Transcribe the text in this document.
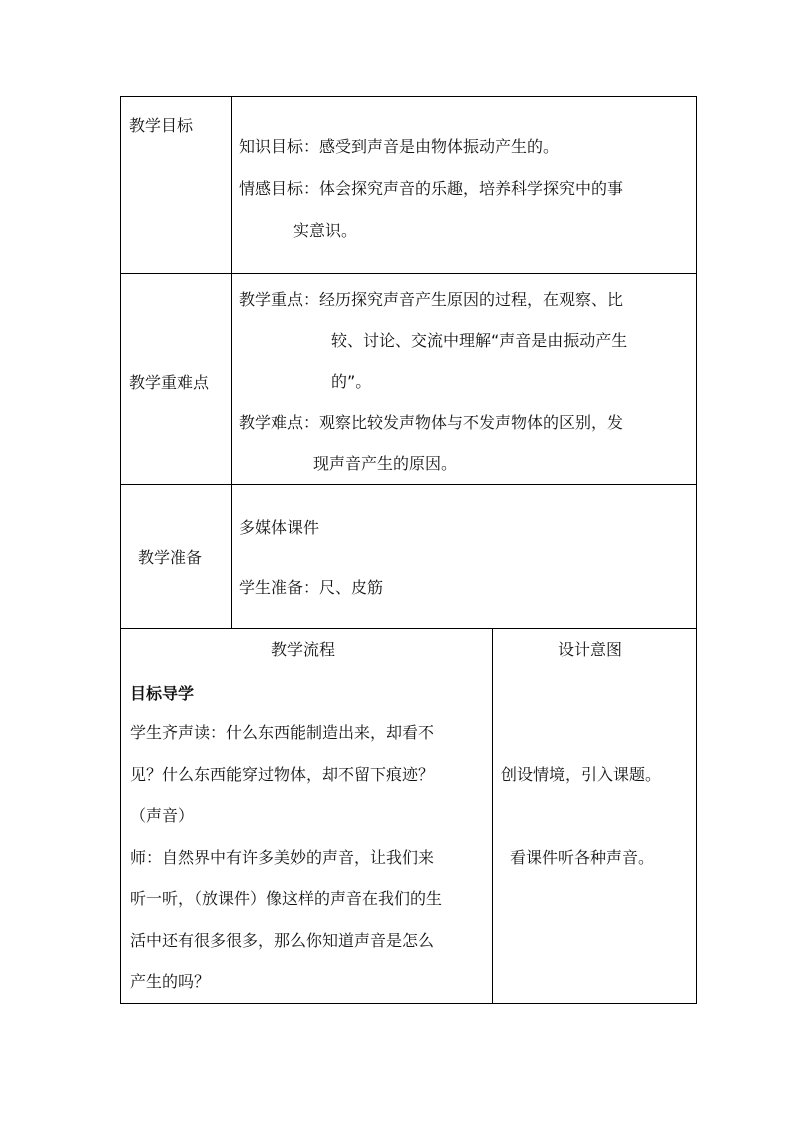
教学目标
知识目标：感受到声音是由物体振动产生的。
情感目标：体会探究声音的乐趣，培养科学探究中的事
实意识。
教学重难点
教学重点：经历探究声音产生原因的过程，在观察、比
较、讨论、交流中理解“声音是由振动产生
的”。
教学难点：观察比较发声物体与不发声物体的区别，发
现声音产生的原因。
教学准备
多媒体课件
学生准备：尺、皮筋
教学流程	设计意图
目标导学
学生齐声读：什么东西能制造出来，却看不
见？什么东西能穿过物体，却不留下痕迹？
（声音）
师：自然界中有许多美妙的声音，让我们来
听一听，（放课件）像这样的声音在我们的生
活中还有很多很多，那么你知道声音是怎么
产生的吗？
创设情境，引入课题。
看课件听各种声音。
